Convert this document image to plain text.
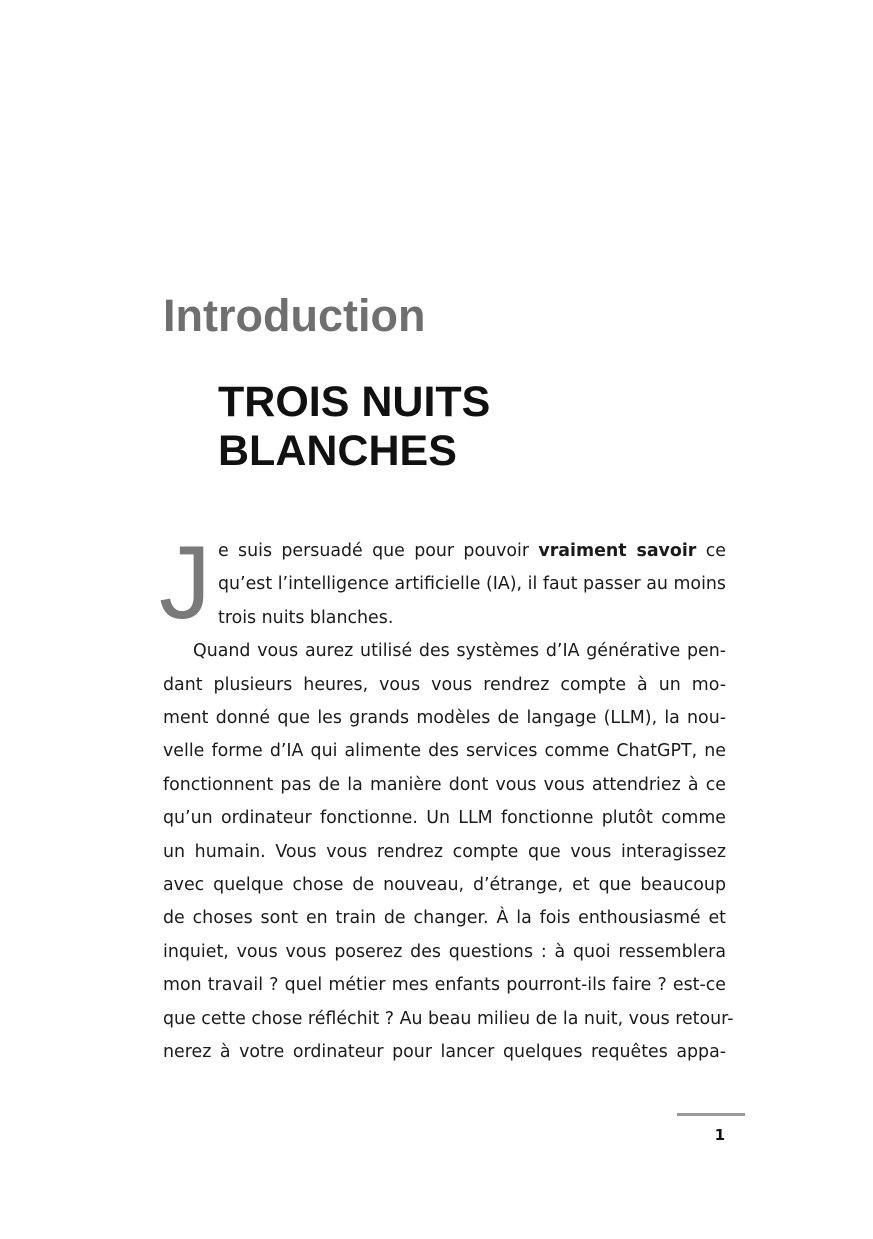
Introduction
TROIS NUITS
BLANCHES
J e suis persuadé que pour pouvoir vraiment savoir ce
qu’est l’intelligence artificielle (IA), il faut passer au moins
trois nuits blanches.
Quand vous aurez utilisé des systèmes d’IA générative pen-
dant plusieurs heures, vous vous rendrez compte à un mo-
ment donné que les grands modèles de langage (LLM), la nou-
velle forme d’IA qui alimente des services comme ChatGPT, ne
fonctionnent pas de la manière dont vous vous attendriez à ce
qu’un ordinateur fonctionne. Un LLM fonctionne plutôt comme
un humain. Vous vous rendrez compte que vous interagissez
avec quelque chose de nouveau, d’étrange, et que beaucoup
de choses sont en train de changer. À la fois enthousiasmé et
inquiet, vous vous poserez des questions : à quoi ressemblera
mon travail ? quel métier mes enfants pourront-ils faire ? est-ce
que cette chose réfléchit ? Au beau milieu de la nuit, vous retour-
nerez à votre ordinateur pour lancer quelques requêtes appa-
1
